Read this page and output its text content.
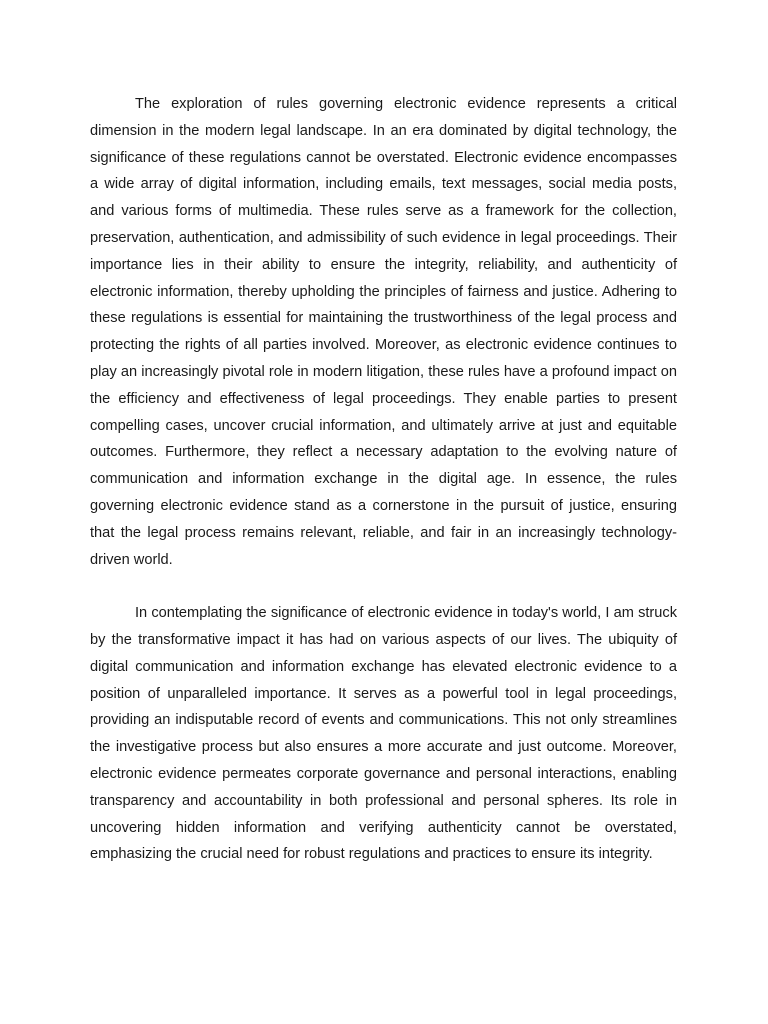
The exploration of rules governing electronic evidence represents a critical dimension in the modern legal landscape. In an era dominated by digital technology, the significance of these regulations cannot be overstated. Electronic evidence encompasses a wide array of digital information, including emails, text messages, social media posts, and various forms of multimedia. These rules serve as a framework for the collection, preservation, authentication, and admissibility of such evidence in legal proceedings. Their importance lies in their ability to ensure the integrity, reliability, and authenticity of electronic information, thereby upholding the principles of fairness and justice. Adhering to these regulations is essential for maintaining the trustworthiness of the legal process and protecting the rights of all parties involved. Moreover, as electronic evidence continues to play an increasingly pivotal role in modern litigation, these rules have a profound impact on the efficiency and effectiveness of legal proceedings. They enable parties to present compelling cases, uncover crucial information, and ultimately arrive at just and equitable outcomes. Furthermore, they reflect a necessary adaptation to the evolving nature of communication and information exchange in the digital age. In essence, the rules governing electronic evidence stand as a cornerstone in the pursuit of justice, ensuring that the legal process remains relevant, reliable, and fair in an increasingly technology-driven world.

In contemplating the significance of electronic evidence in today's world, I am struck by the transformative impact it has had on various aspects of our lives. The ubiquity of digital communication and information exchange has elevated electronic evidence to a position of unparalleled importance. It serves as a powerful tool in legal proceedings, providing an indisputable record of events and communications. This not only streamlines the investigative process but also ensures a more accurate and just outcome. Moreover, electronic evidence permeates corporate governance and personal interactions, enabling transparency and accountability in both professional and personal spheres. Its role in uncovering hidden information and verifying authenticity cannot be overstated, emphasizing the crucial need for robust regulations and practices to ensure its integrity.
